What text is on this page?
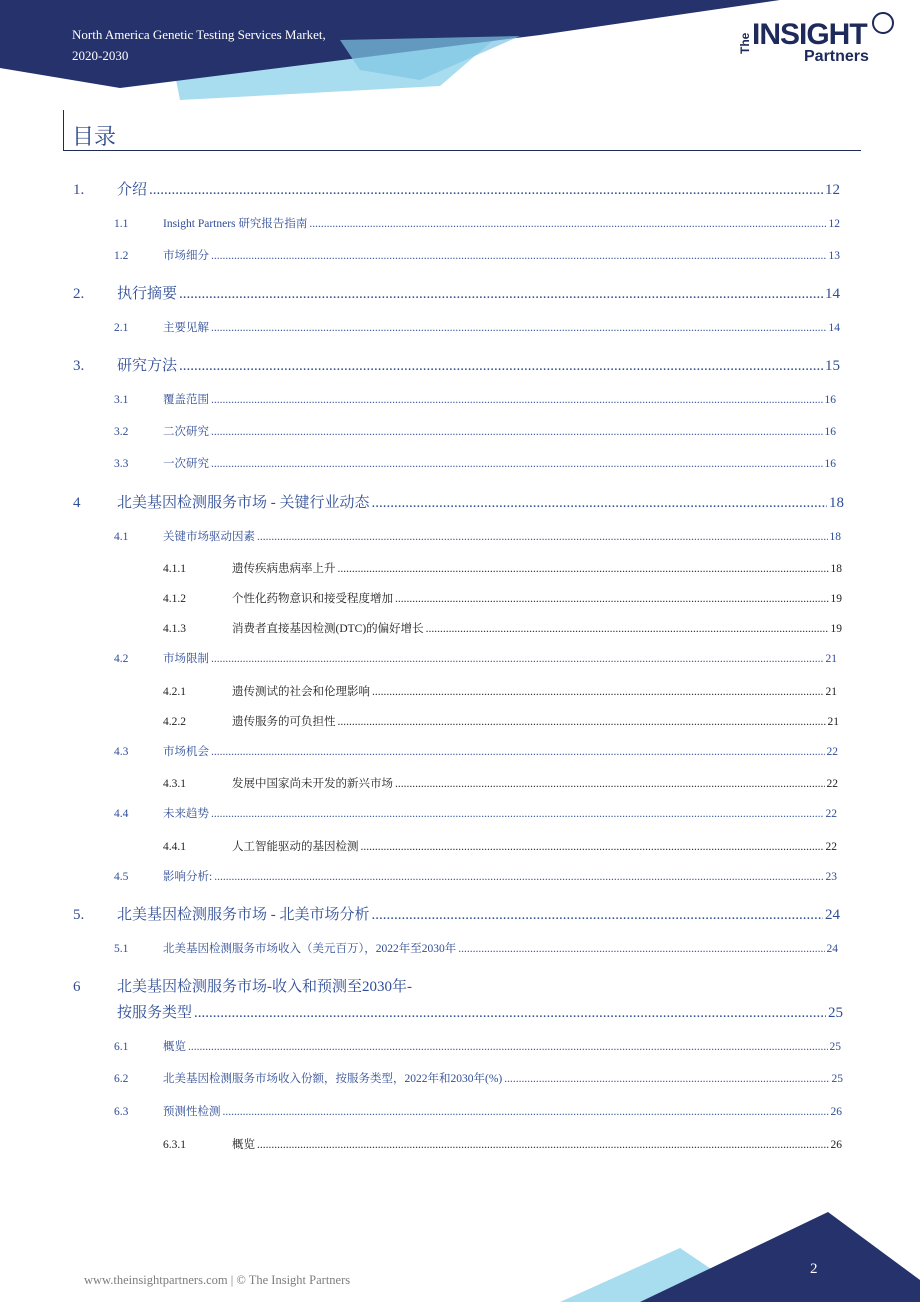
North America Genetic Testing Services Market,
2020-2030
The INSIGHT
Partners
目录
1.	介绍 .....	12
1.1	Insight Partners 研究报告指南 .....	12
1.2	市场细分 .....	13
2.	执行摘要 .....	14
2.1	主要见解 .....	14
3.	研究方法 .....	15
3.1	覆盖范围 .....	16
3.2	二次研究 .....	16
3.3	一次研究 .....	16
4	北美基因检测服务市场 - 关键行业动态 .....	18
4.1	关键市场驱动因素 .....	18
4.1.1	遗传疾病患病率上升 .....	18
4.1.2	个性化药物意识和接受程度增加 .....	19
4.1.3	消费者直接基因检测(DTC)的偏好增长 .....	19
4.2	市场限制 .....	21
4.2.1	遗传测试的社会和伦理影响 .....	21
4.2.2	遗传服务的可负担性 .....	21
4.3	市场机会 .....	22
4.3.1	发展中国家尚未开发的新兴市场 .....	22
4.4	未来趋势 .....	22
4.4.1	人工智能驱动的基因检测 .....	22
4.5	影响分析: .....	23
5.	北美基因检测服务市场 - 北美市场分析 .....	24
5.1	北美基因检测服务市场收入（美元百万），2022年至2030年 .....	24
6	北美基因检测服务市场-收入和预测至2030年-
按服务类型 .....	25
6.1	概览 .....	25
6.2	北美基因检测服务市场收入份额，按服务类型，2022年和2030年(%) .....	25
6.3	预测性检测 .....	26
6.3.1	概览 .....	26
www.theinsightpartners.com | © The Insight Partners
2
